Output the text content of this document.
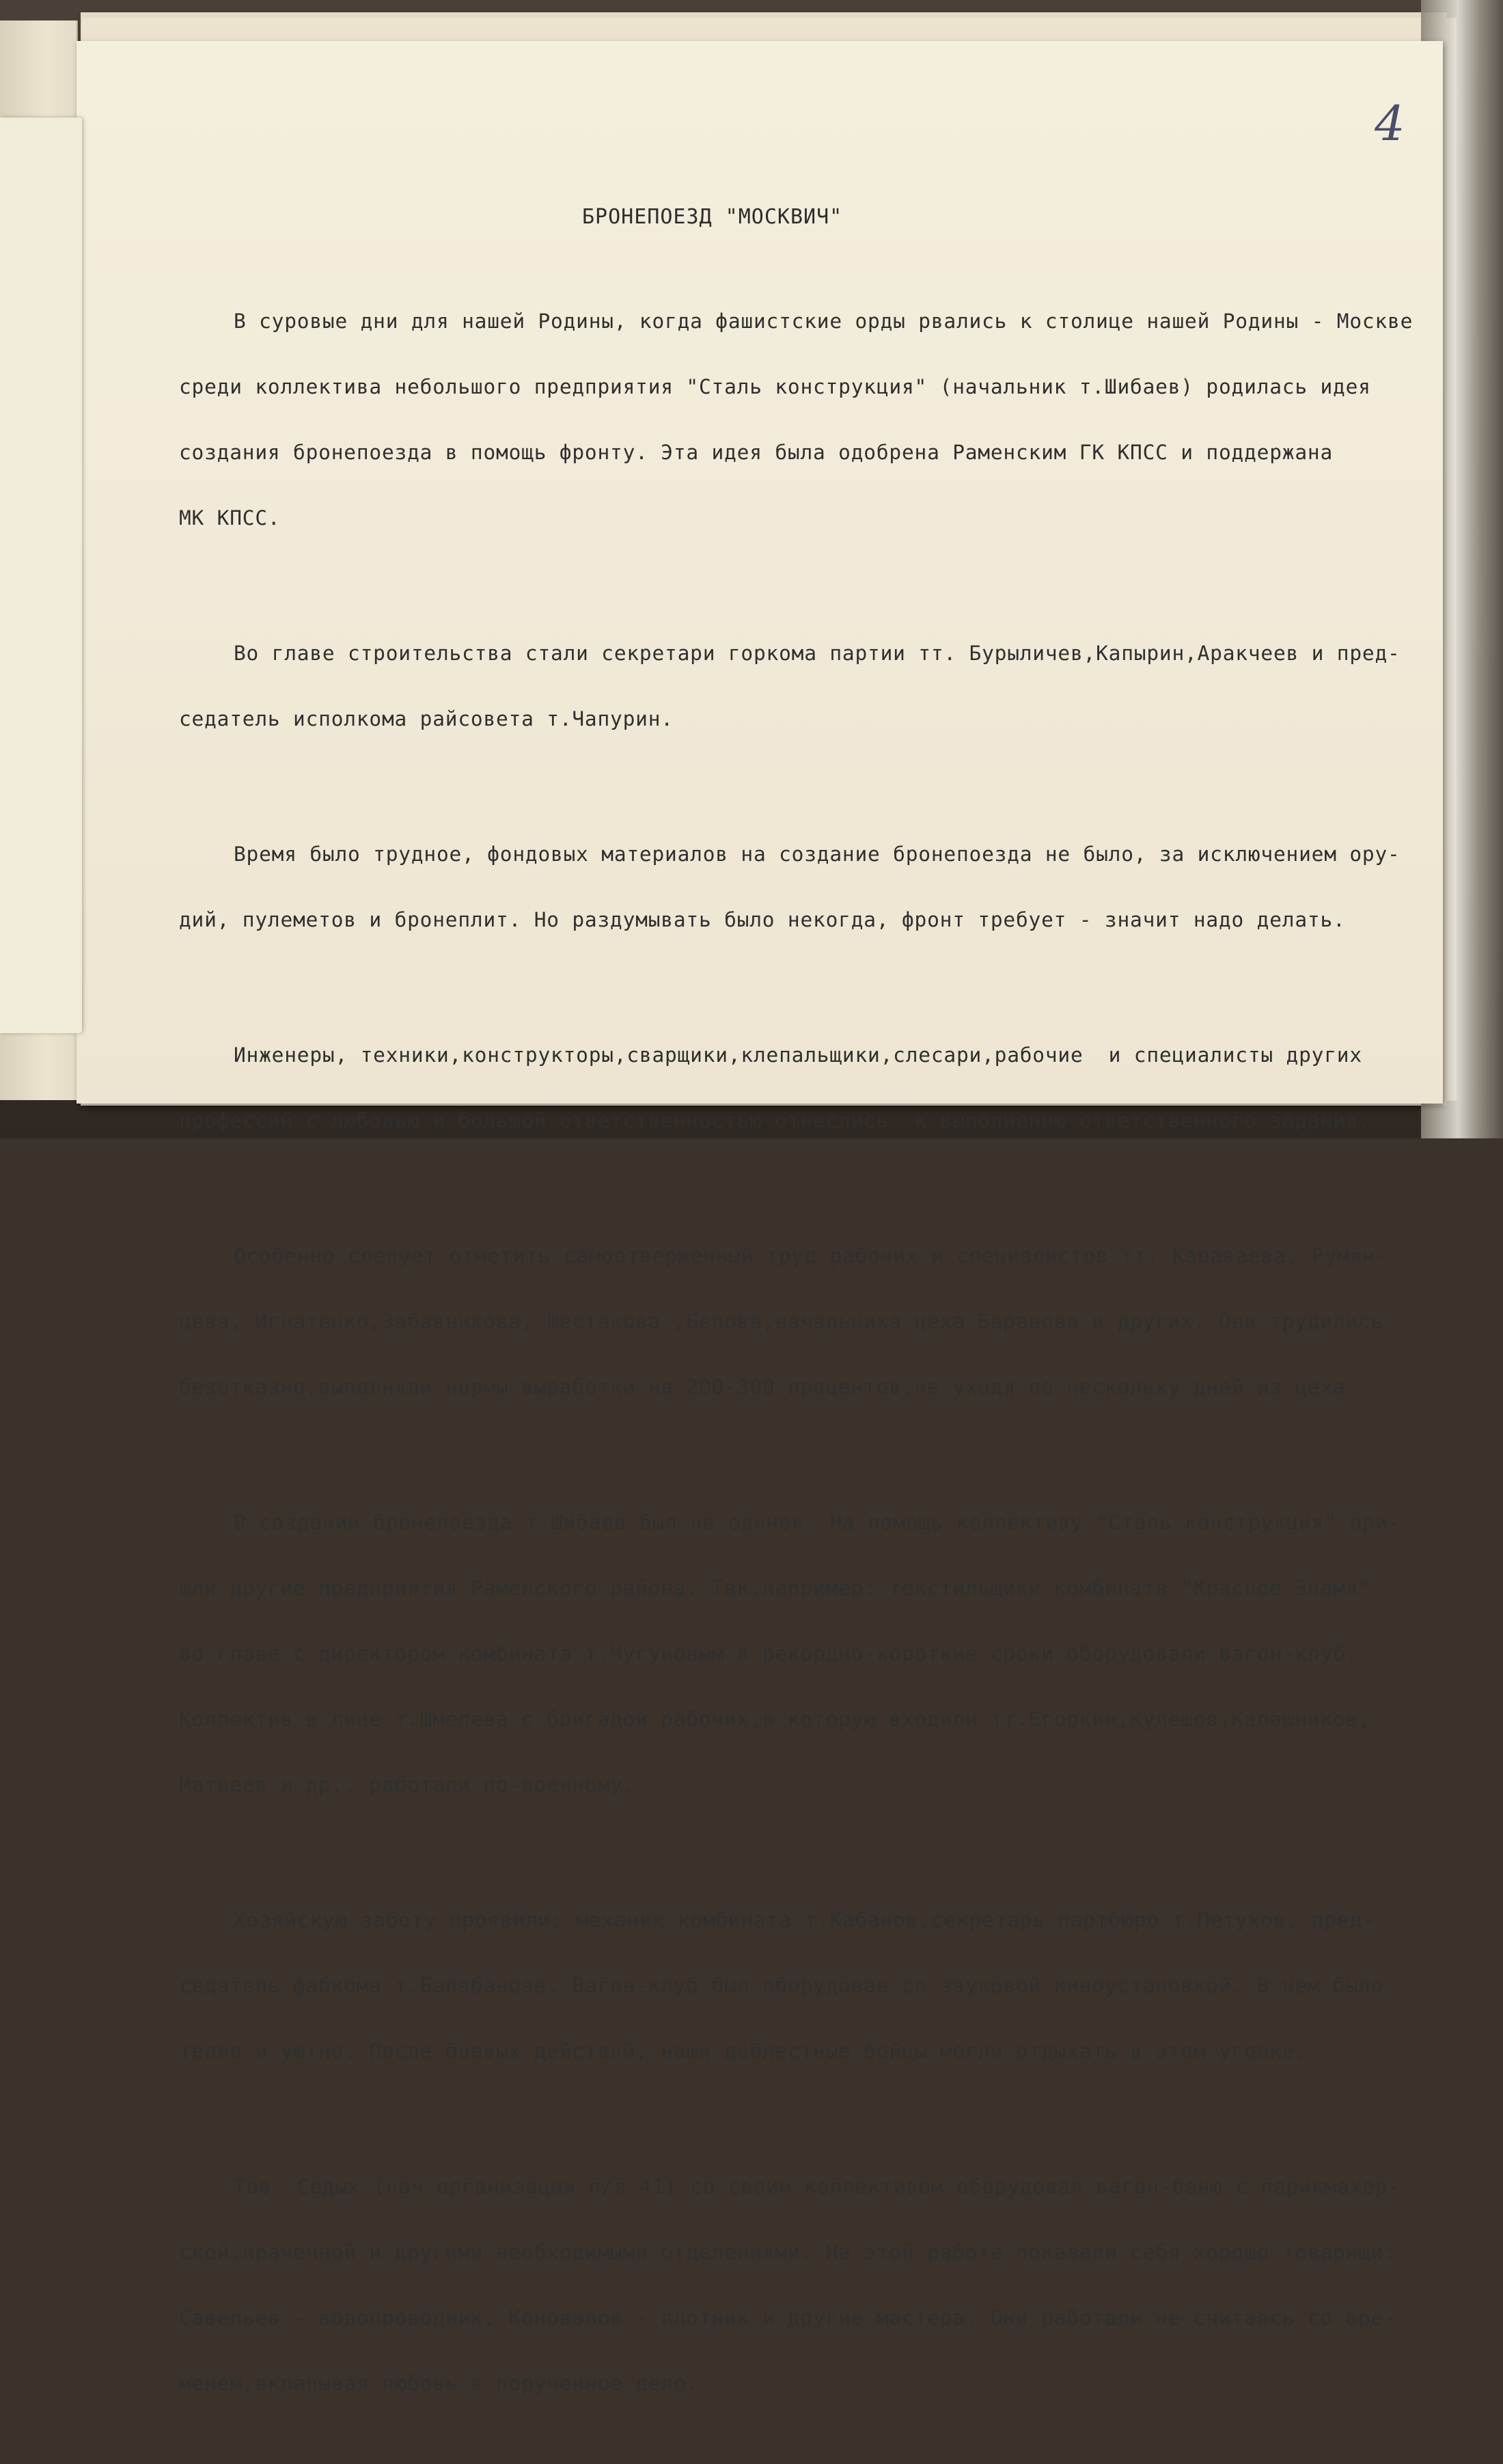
4
БРОНЕПОЕЗД "МОСКВИЧ"

В суровые дни для нашей Родины, когда фашистские орды рвались к столице нашей Родины - Москве

среди коллектива небольшого предприятия "Сталь конструкция" (начальник т.Шибаев) родилась идея

создания бронепоезда в помощь фронту. Эта идея была одобрена Раменским ГК КПСС и поддержана

МК КПСС.

Во главе строительства стали секретари горкома партии тт. Бурыличев,Капырин,Аракчеев и пред-

седатель исполкома райсовета т.Чапурин.

Время было трудное, фондовых материалов на создание бронепоезда не было, за исключением ору-

дий, пулеметов и бронеплит. Но раздумывать было некогда, фронт требует - значит надо делать.

Инженеры, техники,конструкторы,сварщики,клепальщики,слесари,рабочие  и специалисты других

профессий с любовью и большой ответственностью отнеслись  к выполнению ответственного задания.

Особенно следует отметить самоотверженный труд рабочих и специалистов тт. Караваева, Румян-

цева, Игнатенко,Забавникова, Шестакова ,Белова,начальника цеха Баранова и других. Они трудились

безотказно,выполняли нормы выработки на 200-300 процентов,не уходя по нескольку дней из цеха.

В создании бронепоезда т.Шибаев был не одинок. На помощь коллективу "Сталь конструкция" при-

шли другие предприятия Раменского района. Так,например: текстильщики комбината "Красное Знамя"

во главе с директором комбината т.Чугуновым в рекордно-короткие сроки оборудовали вагон-клуб.

Коллектив в лице т.Шмелева с бригадой рабочих,в которую входили тт.Егоркин,Кулешов,Калашников,

Матвеев и др., работали по-военному.

Хозяйскую заботу проявили; механик комбината т.Кабанов,секретарь партбюро т.Петухов, пред-

седатель фабкома т.Балабанова. Вагон-клуб был оборудован со звуковой киноустановкой. В нем было

тепло и уютно. После боевых действий, наши доблестные бойцы могли отдыхать в этом уголке.

Тов. Седых (нач.организации п/я 41) со своим коллективом оборудовал вагон-баню с парикмахер-

ской,прачечной и другими необходимыми отделениями. На этой работе показали себя хорошо товарищи:

Савельев - водопроводник, Коновалов - плотник и другие мастера. Они работали не считаясь со вре-

менем,вкладывая любовь в порученное дело.
